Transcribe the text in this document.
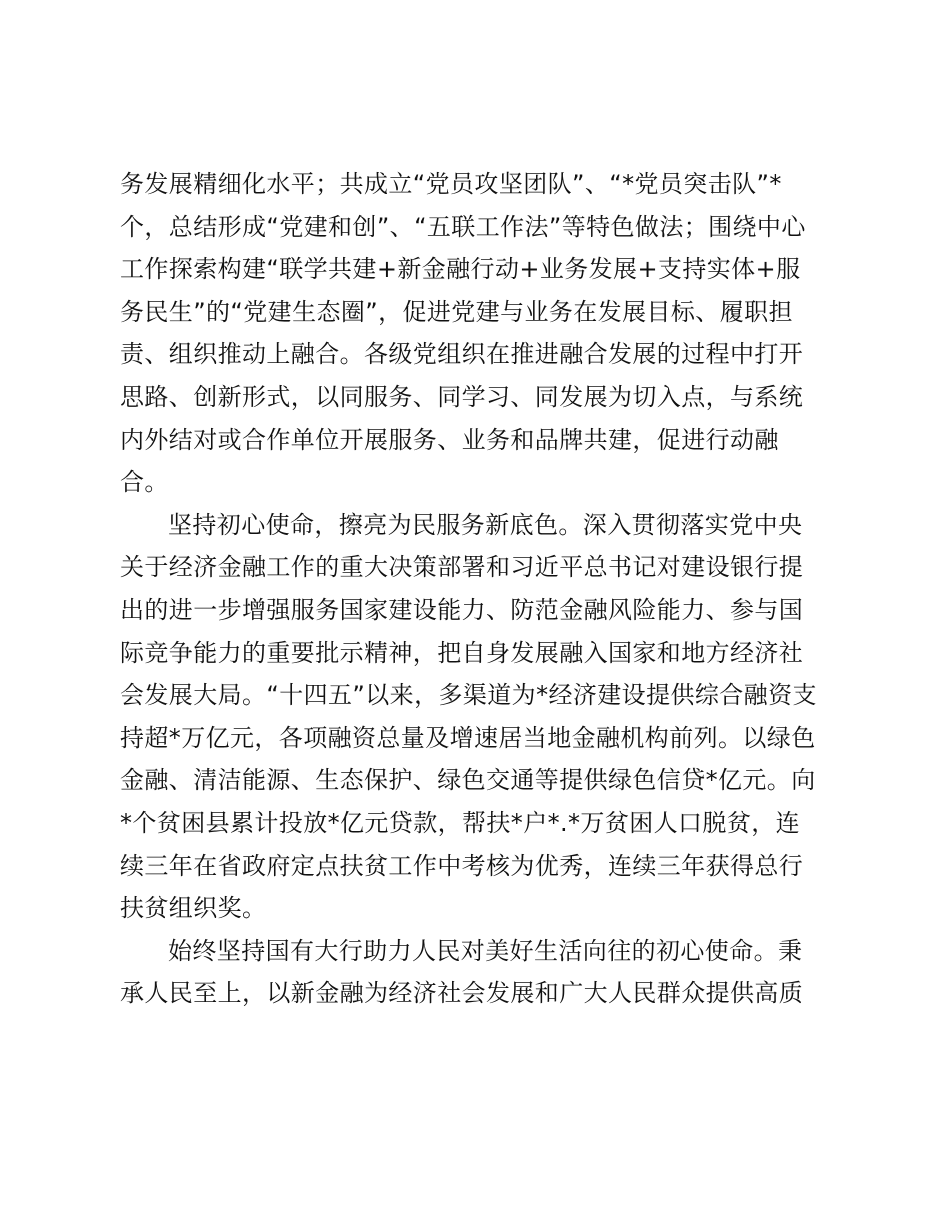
务发展精细化水平；共成立“党员攻坚团队”、“*党员突击队”*
个，总结形成“党建和创”、“五联工作法”等特色做法；围绕中心
工作探索构建“联学共建+新金融行动+业务发展+支持实体+服
务民生”的“党建生态圈”，促进党建与业务在发展目标、履职担
责、组织推动上融合。各级党组织在推进融合发展的过程中打开
思路、创新形式，以同服务、同学习、同发展为切入点，与系统
内外结对或合作单位开展服务、业务和品牌共建，促进行动融
合。
坚持初心使命，擦亮为民服务新底色。深入贯彻落实党中央
关于经济金融工作的重大决策部署和习近平总书记对建设银行提
出的进一步增强服务国家建设能力、防范金融风险能力、参与国
际竞争能力的重要批示精神，把自身发展融入国家和地方经济社
会发展大局。“十四五”以来，多渠道为*经济建设提供综合融资支
持超*万亿元，各项融资总量及增速居当地金融机构前列。以绿色
金融、清洁能源、生态保护、绿色交通等提供绿色信贷*亿元。向
*个贫困县累计投放*亿元贷款，帮扶*户*.*万贫困人口脱贫，连
续三年在省政府定点扶贫工作中考核为优秀，连续三年获得总行
扶贫组织奖。
始终坚持国有大行助力人民对美好生活向往的初心使命。秉
承人民至上，以新金融为经济社会发展和广大人民群众提供高质
